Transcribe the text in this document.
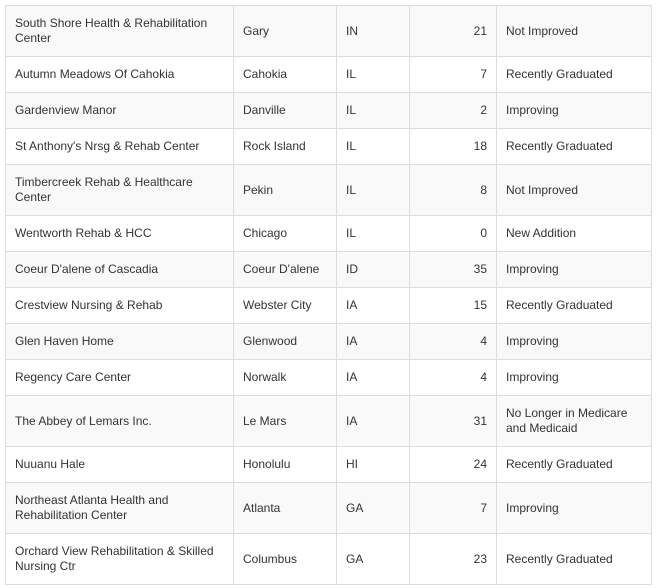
South Shore Health & Rehabilitation Center	Gary	IN	21	Not Improved
Autumn Meadows Of Cahokia	Cahokia	IL	7	Recently Graduated
Gardenview Manor	Danville	IL	2	Improving
St Anthony's Nrsg & Rehab Center	Rock Island	IL	18	Recently Graduated
Timbercreek Rehab & Healthcare Center	Pekin	IL	8	Not Improved
Wentworth Rehab & HCC	Chicago	IL	0	New Addition
Coeur D'alene of Cascadia	Coeur D'alene	ID	35	Improving
Crestview Nursing & Rehab	Webster City	IA	15	Recently Graduated
Glen Haven Home	Glenwood	IA	4	Improving
Regency Care Center	Norwalk	IA	4	Improving
The Abbey of Lemars Inc.	Le Mars	IA	31	No Longer in Medicare and Medicaid
Nuuanu Hale	Honolulu	HI	24	Recently Graduated
Northeast Atlanta Health and Rehabilitation Center	Atlanta	GA	7	Improving
Orchard View Rehabilitation & Skilled Nursing Ctr	Columbus	GA	23	Recently Graduated
